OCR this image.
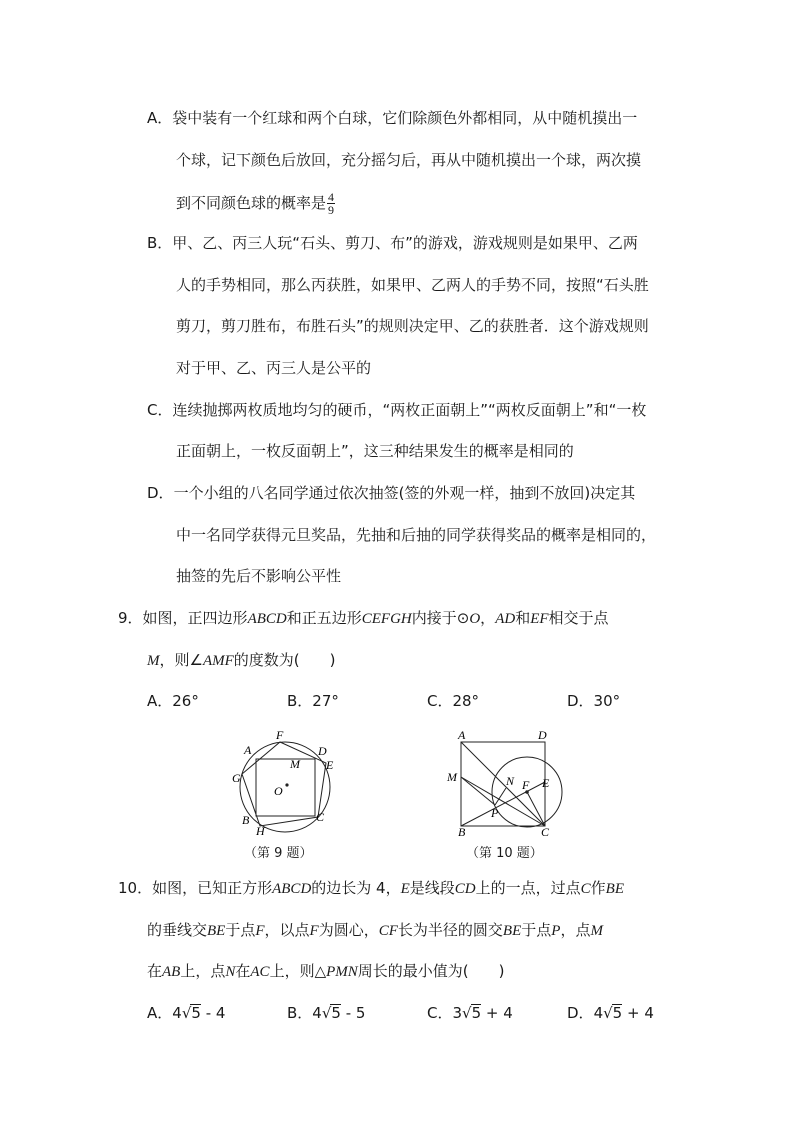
A．袋中装有一个红球和两个白球，它们除颜色外都相同，从中随机摸出一
个球，记下颜色后放回，充分摇匀后，再从中随机摸出一个球，两次摸
到不同颜色球的概率是 $\frac{4}{9}$
B．甲、乙、丙三人玩“石头、剪刀、布”的游戏，游戏规则是如果甲、乙两
人的手势相同，那么丙获胜，如果甲、乙两人的手势不同，按照“石头胜
剪刀，剪刀胜布，布胜石头”的规则决定甲、乙的获胜者．这个游戏规则
对于甲、乙、丙三人是公平的
C．连续抛掷两枚质地均匀的硬币，“两枚正面朝上”“两枚反面朝上”和“一枚
正面朝上，一枚反面朝上”，这三种结果发生的概率是相同的
D．一个小组的八名同学通过依次抽签(签的外观一样，抽到不放回)决定其
中一名同学获得元旦奖品，先抽和后抽的同学获得奖品的概率是相同的，
抽签的先后不影响公平性
9．如图，正四边形ABCD和正五边形CEFGH内接于⊙O，AD和EF相交于点
M，则∠AMF的度数为(　　)
A．26°	B．27°	C．28°	D．30°
F
A	D
M E
G
O
B	C
H
（第 9 题）
A	D
M	N F E
P
B	C
（第 10 题）
10．如图，已知正方形ABCD的边长为 4，E是线段CD上的一点，过点C作BE
的垂线交BE于点F，以点F为圆心，CF长为半径的圆交BE于点P，点M
在AB上，点N在AC上，则△PMN周长的最小值为(　　)
A．4√5 - 4	B．4√5 - 5	C．3√5 + 4	D．4√5 + 4
